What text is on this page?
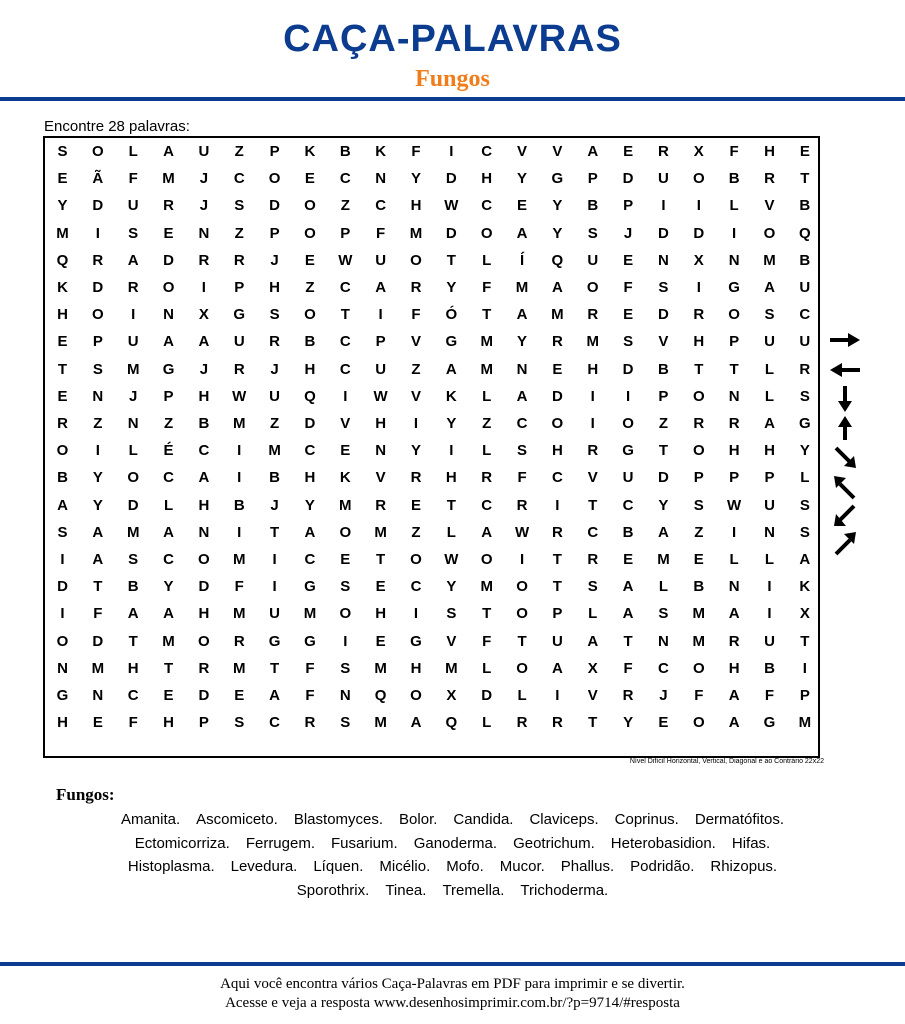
CAÇA-PALAVRAS
Fungos
Encontre 28 palavras:
S	O	L	A	U	Z	P	K	B	K	F	I	C	V	V	A	E	R	X	F	H	E
E	Ã	F	M	J	C	O	E	C	N	Y	D	H	Y	G	P	D	U	O	B	R	T
Y	D	U	R	J	S	D	O	Z	C	H	W	C	E	Y	B	P	I	I	L	V	B
M	I	S	E	N	Z	P	O	P	F	M	D	O	A	Y	S	J	D	D	I	O	Q
Q	R	A	D	R	R	J	E	W	U	O	T	L	Í	Q	U	E	N	X	N	M	B
K	D	R	O	I	P	H	Z	C	A	R	Y	F	M	A	O	F	S	I	G	A	U
H	O	I	N	X	G	S	O	T	I	F	Ó	T	A	M	R	E	D	R	O	S	C
E	P	U	A	A	U	R	B	C	P	V	G	M	Y	R	M	S	V	H	P	U	U
T	S	M	G	J	R	J	H	C	U	Z	A	M	N	E	H	D	B	T	T	L	R
E	N	J	P	H	W	U	Q	I	W	V	K	L	A	D	I	I	P	O	N	L	S
R	Z	N	Z	B	M	Z	D	V	H	I	Y	Z	C	O	I	O	Z	R	R	A	G
O	I	L	É	C	I	M	C	E	N	Y	I	L	S	H	R	G	T	O	H	H	Y
B	Y	O	C	A	I	B	H	K	V	R	H	R	F	C	V	U	D	P	P	P	L
A	Y	D	L	H	B	J	Y	M	R	E	T	C	R	I	T	C	Y	S	W	U	S
S	A	M	A	N	I	T	A	O	M	Z	L	A	W	R	C	B	A	Z	I	N	S
I	A	S	C	O	M	I	C	E	T	O	W	O	I	T	R	E	M	E	L	L	A
D	T	B	Y	D	F	I	G	S	E	C	Y	M	O	T	S	A	L	B	N	I	K
I	F	A	A	H	M	U	M	O	H	I	S	T	O	P	L	A	S	M	A	I	X
O	D	T	M	O	R	G	G	I	E	G	V	F	T	U	A	T	N	M	R	U	T
N	M	H	T	R	M	T	F	S	M	H	M	L	O	A	X	F	C	O	H	B	I
G	N	C	E	D	E	A	F	N	Q	O	X	D	L	I	V	R	J	F	A	F	P
H	E	F	H	P	S	C	R	S	M	A	Q	L	R	R	T	Y	E	O	A	G	M
Nível Difícil Horizontal, Vertical, Diagonal e ao Contrário 22x22
Fungos:
Amanita. Ascomiceto. Blastomyces. Bolor. Candida. Claviceps. Coprinus. Dermatófitos.
Ectomicorriza. Ferrugem. Fusarium. Ganoderma. Geotrichum. Heterobasidion. Hifas.
Histoplasma. Levedura. Líquen. Micélio. Mofo. Mucor. Phallus. Podridão. Rhizopus.
Sporothrix. Tinea. Tremella. Trichoderma.
Aqui você encontra vários Caça-Palavras em PDF para imprimir e se divertir.
Acesse e veja a resposta www.desenhosimprimir.com.br/?p=9714/#resposta
